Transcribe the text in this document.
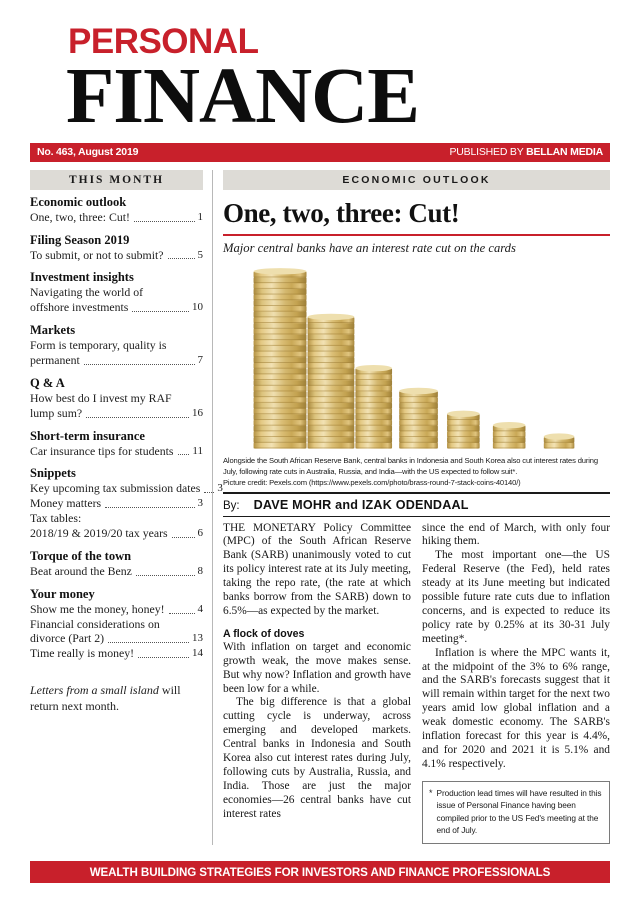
PERSONAL
FINANCE
No. 463, August 2019	PUBLISHED BY BELLAN MEDIA
THIS MONTH
Economic outlook
One, two, three: Cut!	1
Filing Season 2019
To submit, or not to submit?	5
Investment insights
Navigating the world of
offshore investments	10
Markets
Form is temporary, quality is
permanent	7
Q & A
How best do I invest my RAF
lump sum?	16
Short-term insurance
Car insurance tips for students 11
Snippets
Key upcoming tax submission dates 3
Money matters	3
Tax tables:
2018/19 & 2019/20 tax years	6
Torque of the town
Beat around the Benz	8
Your money
Show me the money, honey!	4
Financial considerations on
divorce (Part 2)	13
Time really is money!	14
Letters from a small island will return next month.
ECONOMIC OUTLOOK
One, two, three: Cut!
Major central banks have an interest rate cut on the cards
Alongside the South African Reserve Bank, central banks in Indonesia and South Korea also cut interest rates during July, following rate cuts in Australia, Russia, and India—with the US expected to follow suit*.
Picture credit: Pexels.com (https://www.pexels.com/photo/brass-round-7-stack-coins-40140/)
By: DAVE MOHR and IZAK ODENDAAL

THE MONETARY Policy Committee (MPC) of the South African Reserve Bank (SARB) unanimously voted to cut its policy interest rate at its July meeting, taking the repo rate, (the rate at which banks borrow from the SARB) down to 6.5%—as expected by the market.

A flock of doves

With inflation on target and economic growth weak, the move makes sense. But why now? Inflation and growth have been low for a while.

The big difference is that a global cutting cycle is underway, across emerging and developed markets. Central banks in Indonesia and South Korea also cut interest rates during July, following cuts by Australia, Russia, and India. Those are just the major economies—26 central banks have cut interest rates

since the end of March, with only four hiking them.

The most important one—the US Federal Reserve (the Fed), held rates steady at its June meeting but indicated possible future rate cuts due to inflation concerns, and is expected to reduce its policy rate by 0.25% at its 30-31 July meeting*.

Inflation is where the MPC wants it, at the midpoint of the 3% to 6% range, and the SARB's forecasts suggest that it will remain within target for the next two years amid low global inflation and a weak domestic economy. The SARB's inflation forecast for this year is 4.4%, and for 2020 and 2021 it is 5.1% and 4.1% respectively.

* Production lead times will have resulted in this issue of Personal Finance having been compiled prior to the US Fed's meeting at the end of July.
WEALTH BUILDING STRATEGIES FOR INVESTORS AND FINANCE PROFESSIONALS
